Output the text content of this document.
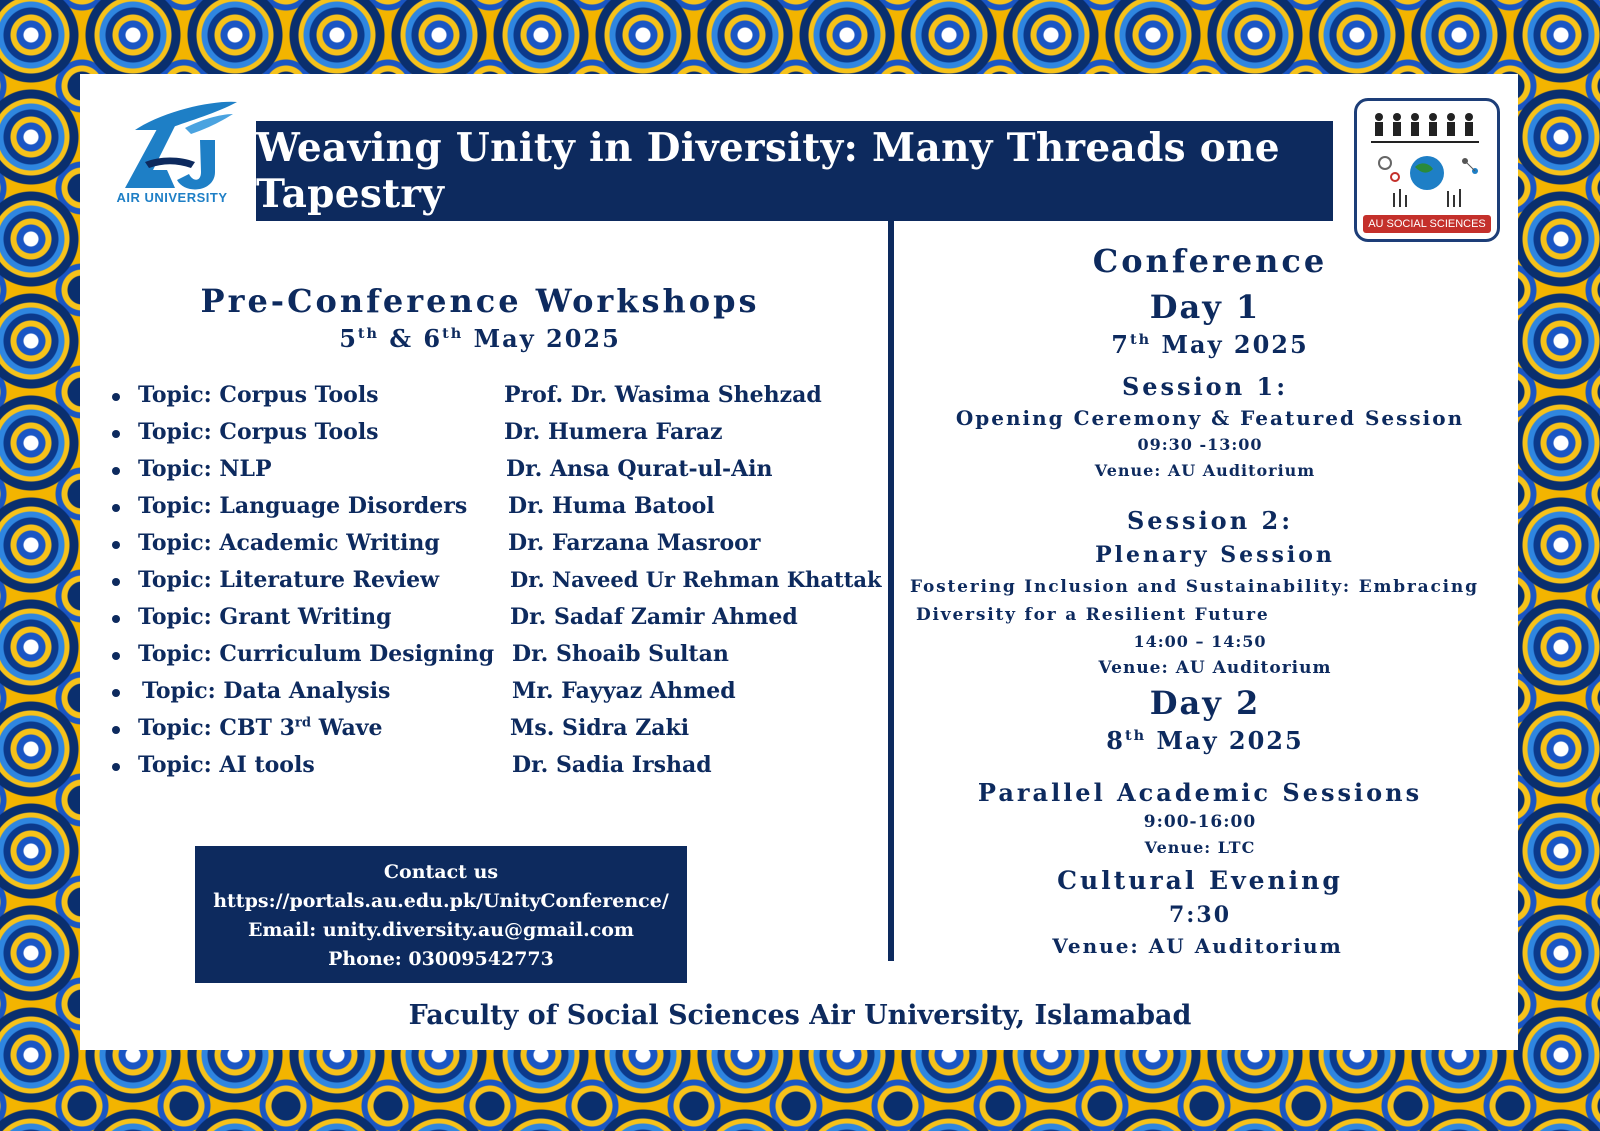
AIR UNIVERSITY
Weaving Unity in Diversity: Many Threads one Tapestry
AU SOCIAL SCIENCES
Pre-Conference Workshops
5th & 6th May 2025
Topic: Corpus Tools	Prof. Dr. Wasima Shehzad
Topic: Corpus Tools	Dr. Humera Faraz
Topic: NLP	Dr. Ansa Qurat-ul-Ain
Topic: Language Disorders Dr. Huma Batool
Topic: Academic Writing	Dr. Farzana Masroor
Topic: Literature Review	Dr. Naveed Ur Rehman Khattak
Topic: Grant Writing	Dr. Sadaf Zamir Ahmed
Topic: Curriculum Designing Dr. Shoaib Sultan
Topic: Data Analysis	Mr. Fayyaz Ahmed
Topic: CBT 3rd Wave	Ms. Sidra Zaki
Topic: AI tools	Dr. Sadia Irshad
Contact us
https://portals.au.edu.pk/UnityConference/
Email: unity.diversity.au@gmail.com
Phone: 03009542773
Conference
Day 1
7th May 2025
Session 1:
Opening Ceremony & Featured Session
09:30 -13:00
Venue: AU Auditorium
Session 2:
Plenary Session
Fostering Inclusion and Sustainability: Embracing
Diversity for a Resilient Future
14:00 – 14:50
Venue: AU Auditorium
Day 2
8th May 2025
Parallel Academic Sessions
9:00-16:00
Venue: LTC
Cultural Evening
7:30
Venue: AU Auditorium
Faculty of Social Sciences Air University, Islamabad
